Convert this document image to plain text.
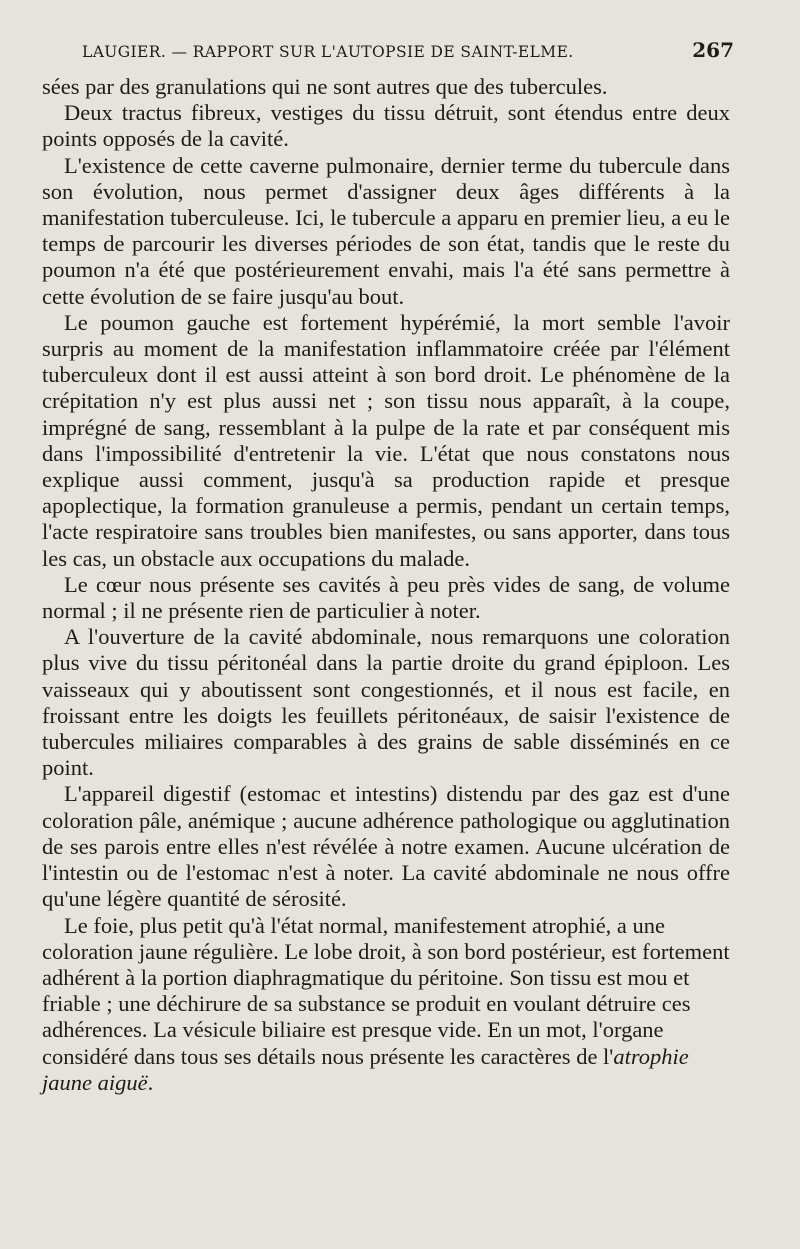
LAUGIER. — RAPPORT SUR L'AUTOPSIE DE SAINT-ELME.	267

sées par des granulations qui ne sont autres que des tubercules.

Deux tractus fibreux, vestiges du tissu détruit, sont étendus entre deux points opposés de la cavité.

L'existence de cette caverne pulmonaire, dernier terme du tubercule dans son évolution, nous permet d'assigner deux âges différents à la manifestation tuberculeuse. Ici, le tubercule a apparu en premier lieu, a eu le temps de parcourir les diverses périodes de son état, tandis que le reste du poumon n'a été que postérieurement envahi, mais l'a été sans permettre à cette évolution de se faire jusqu'au bout.

Le poumon gauche est fortement hypérémié, la mort semble l'avoir surpris au moment de la manifestation inflammatoire créée par l'élément tuberculeux dont il est aussi atteint à son bord droit. Le phénomène de la crépitation n'y est plus aussi net ; son tissu nous apparaît, à la coupe, imprégné de sang, ressemblant à la pulpe de la rate et par conséquent mis dans l'impossibilité d'entretenir la vie. L'état que nous constatons nous explique aussi comment, jusqu'à sa production rapide et presque apoplectique, la formation granuleuse a permis, pendant un certain temps, l'acte respiratoire sans troubles bien manifestes, ou sans apporter, dans tous les cas, un obstacle aux occupations du malade.

Le cœur nous présente ses cavités à peu près vides de sang, de volume normal ; il ne présente rien de particulier à noter.

A l'ouverture de la cavité abdominale, nous remarquons une coloration plus vive du tissu péritonéal dans la partie droite du grand épiploon. Les vaisseaux qui y aboutissent sont congestionnés, et il nous est facile, en froissant entre les doigts les feuillets péritonéaux, de saisir l'existence de tubercules miliaires comparables à des grains de sable disséminés en ce point.

L'appareil digestif (estomac et intestins) distendu par des gaz est d'une coloration pâle, anémique ; aucune adhérence pathologique ou agglutination de ses parois entre elles n'est révélée à notre examen. Aucune ulcération de l'intestin ou de l'estomac n'est à noter. La cavité abdominale ne nous offre qu'une légère quantité de sérosité.

Le foie, plus petit qu'à l'état normal, manifestement atrophié, a une coloration jaune régulière. Le lobe droit, à son bord postérieur, est fortement adhérent à la portion diaphragmatique du péritoine. Son tissu est mou et friable ; une déchirure de sa substance se produit en voulant détruire ces adhérences. La vésicule biliaire est presque vide. En un mot, l'organe considéré dans tous ses détails nous présente les caractères de l'atrophie jaune aiguë.
